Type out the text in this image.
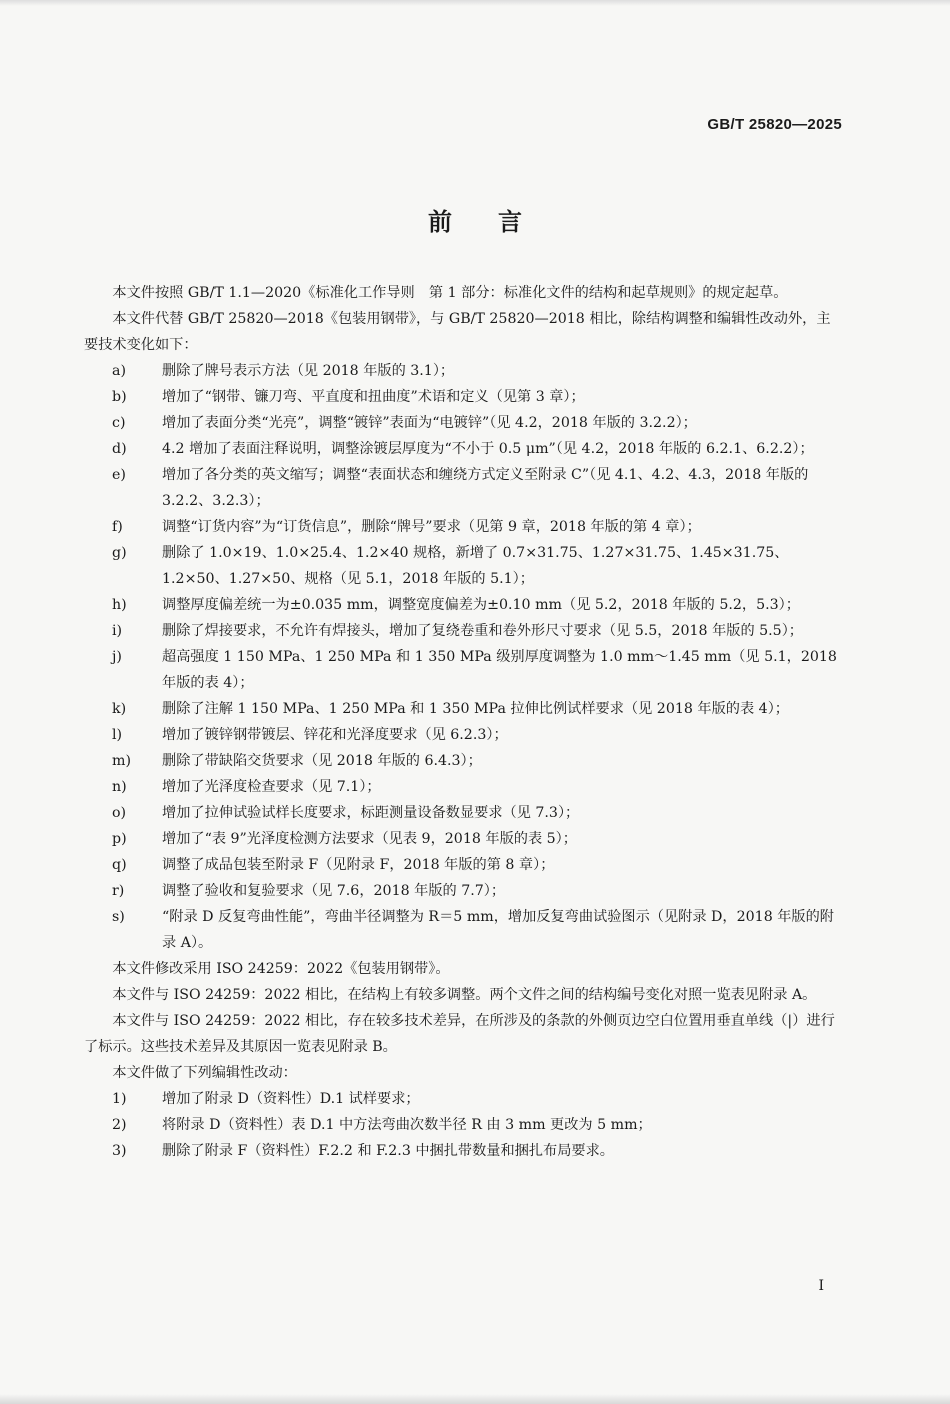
GB/T 25820—2025
前言

本文件按照 GB/T 1.1—2020《标准化工作导则　第 1 部分：标准化文件的结构和起草规则》的规定起草。

本文件代替 GB/T 25820—2018《包装用钢带》，与 GB/T 25820—2018 相比，除结构调整和编辑性改动外，主要技术变化如下：

a)	删除了牌号表示方法（见 2018 年版的 3.1）；

b) 增加了“钢带、镰刀弯、平直度和扭曲度”术语和定义（见第 3 章）；

c)	增加了表面分类“光亮”，调整“镀锌”表面为“电镀锌”（见 4.2，2018 年版的 3.2.2）；

d) 4.2 增加了表面注释说明，调整涂镀层厚度为“不小于 0.5 μm”（见 4.2，2018 年版的 6.2.1、6.2.2）；

e)	增加了各分类的英文缩写；调整“表面状态和缠绕方式定义至附录 C”（见 4.1、4.2、4.3，2018 年版的 3.2.2、3.2.3）；

f)	调整“订货内容”为“订货信息”，删除“牌号”要求（见第 9 章，2018 年版的第 4 章）；

g) 删除了 1.0×19、1.0×25.4、1.2×40 规格，新增了 0.7×31.75、1.27×31.75、1.45×31.75、1.2×50、1.27×50、规格（见 5.1，2018 年版的 5.1）；

h) 调整厚度偏差统一为±0.035 mm，调整宽度偏差为±0.10 mm（见 5.2，2018 年版的 5.2，5.3）；

i)	删除了焊接要求，不允许有焊接头，增加了复绕卷重和卷外形尺寸要求（见 5.5，2018 年版的 5.5）；

j)	超高强度 1 150 MPa、1 250 MPa 和 1 350 MPa 级别厚度调整为 1.0 mm～1.45 mm（见 5.1，2018 年版的表 4）；

k)	删除了注解 1 150 MPa、1 250 MPa 和 1 350 MPa 拉伸比例试样要求（见 2018 年版的表 4）；

l)	增加了镀锌钢带镀层、锌花和光泽度要求（见 6.2.3）；

m) 删除了带缺陷交货要求（见 2018 年版的 6.4.3）；

n) 增加了光泽度检查要求（见 7.1）；

o)	增加了拉伸试验试样长度要求，标距测量设备数显要求（见 7.3）；

p) 增加了“表 9”光泽度检测方法要求（见表 9，2018 年版的表 5）；

q) 调整了成品包装至附录 F（见附录 F，2018 年版的第 8 章）；

r)	调整了验收和复验要求（见 7.6，2018 年版的 7.7）；

s)	“附录 D 反复弯曲性能”，弯曲半径调整为 R＝5 mm，增加反复弯曲试验图示（见附录 D，2018 年版的附录 A）。

本文件修改采用 ISO 24259：2022《包装用钢带》。

本文件与 ISO 24259：2022 相比，在结构上有较多调整。两个文件之间的结构编号变化对照一览表见附录 A。

本文件与 ISO 24259：2022 相比，存在较多技术差异，在所涉及的条款的外侧页边空白位置用垂直单线（|）进行了标示。这些技术差异及其原因一览表见附录 B。

本文件做了下列编辑性改动：

1) 增加了附录 D（资料性）D.1 试样要求；

2) 将附录 D（资料性）表 D.1 中方法弯曲次数半径 R 由 3 mm 更改为 5 mm；

3) 删除了附录 F（资料性）F.2.2 和 F.2.3 中捆扎带数量和捆扎布局要求。

I
